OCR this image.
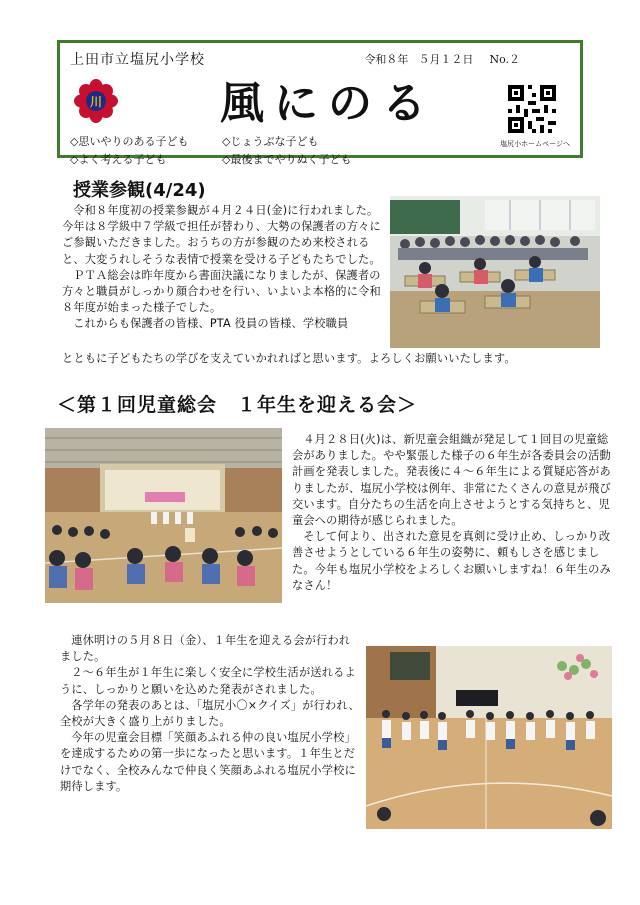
上田市立塩尻小学校	令和８年 ５月１２日 No.２
川	風にのる
塩尻小ホームページへ
◇思いやりのある子ども	◇じょうぶな子ども
◇よく考える子ども	◇最後までやりぬく子ども
授業参観(4/24)

令和８年度初の授業参観が４月２４日(金)に行われました。今年は８学級中７学級で担任が替わり、大勢の保護者の方々にご参観いただきました。おうちの方が参観のため来校されると、大変うれしそうな表情で授業を受ける子どもたちでした。

ＰＴＡ総会は昨年度から書面決議になりましたが、保護者の方々と職員がしっかり顔合わせを行い、いよいよ本格的に令和８年度が始まった様子でした。

これからも保護者の皆様、PTA 役員の皆様、学校職員

とともに子どもたちの学びを支えていかれればと思います。よろしくお願いいたします。
＜第１回児童総会　１年生を迎える会＞

４月２８日(火)は、新児童会組織が発足して１回目の児童総会がありました。やや緊張した様子の６年生が各委員会の活動計画を発表しました。発表後に４～６年生による質疑応答がありましたが、塩尻小学校は例年、非常にたくさんの意見が飛び交います。自分たちの生活を向上させようとする気持ちと、児童会への期待が感じられました。

そして何より、出された意見を真剣に受け止め、しっかり改善させようとしている６年生の姿勢に、頼もしさを感じました。今年も塩尻小学校をよろしくお願いしますね！６年生のみなさん！

連休明けの５月８日（金）、１年生を迎える会が行われました。

２～６年生が１年生に楽しく安全に学校生活が送れるように、しっかりと願いを込めた発表がされました。

各学年の発表のあとは、「塩尻小〇×クイズ」が行われ、全校が大きく盛り上がりました。

今年の児童会目標「笑顔あふれる仲の良い塩尻小学校」を達成するための第一歩になったと思います。１年生とだけでなく、全校みんなで仲良く笑顔あふれる塩尻小学校に期待します。
